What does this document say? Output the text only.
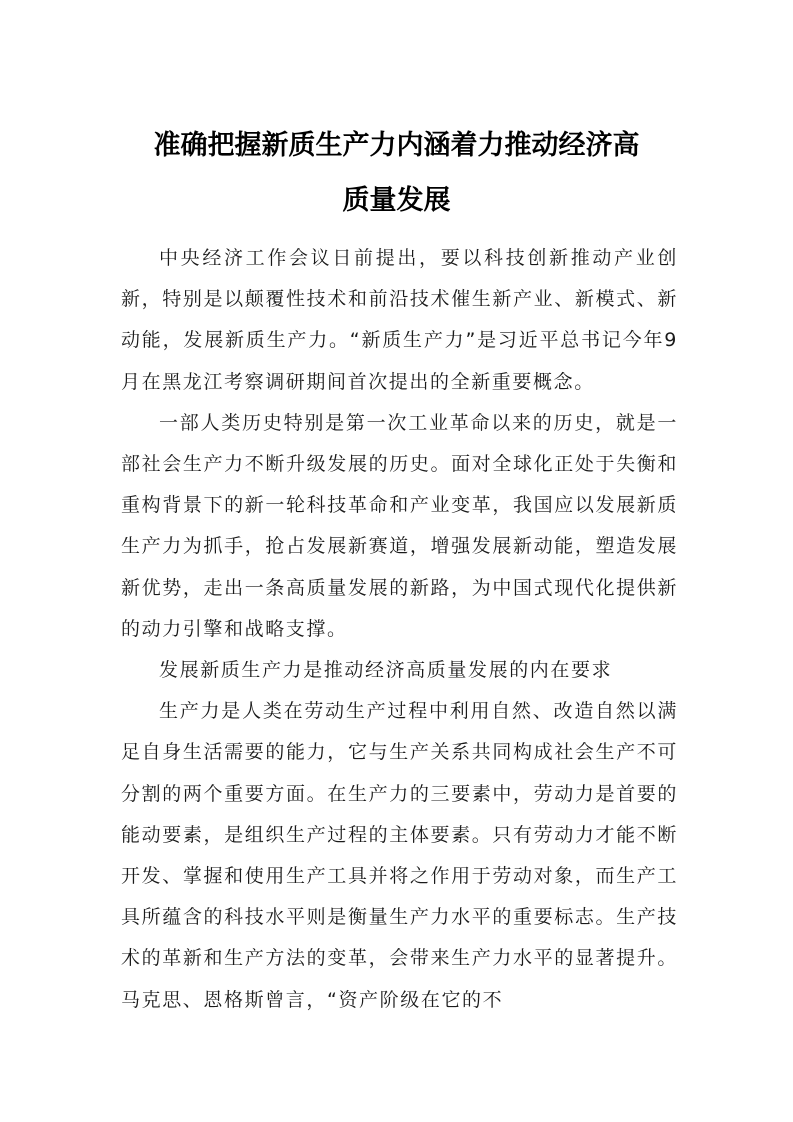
准确把握新质生产力内涵着力推动经济高
质量发展

中央经济工作会议日前提出，要以科技创新推动产业创新，特别是以颠覆性技术和前沿技术催生新产业、新模式、新动能，发展新质生产力。“新质生产力”是习近平总书记今年9月在黑龙江考察调研期间首次提出的全新重要概念。

一部人类历史特别是第一次工业革命以来的历史，就是一部社会生产力不断升级发展的历史。面对全球化正处于失衡和重构背景下的新一轮科技革命和产业变革，我国应以发展新质生产力为抓手，抢占发展新赛道，增强发展新动能，塑造发展新优势，走出一条高质量发展的新路，为中国式现代化提供新的动力引擎和战略支撑。

发展新质生产力是推动经济高质量发展的内在要求

生产力是人类在劳动生产过程中利用自然、改造自然以满足自身生活需要的能力，它与生产关系共同构成社会生产不可分割的两个重要方面。在生产力的三要素中，劳动力是首要的能动要素，是组织生产过程的主体要素。只有劳动力才能不断开发、掌握和使用生产工具并将之作用于劳动对象，而生产工具所蕴含的科技水平则是衡量生产力水平的重要标志。生产技术的革新和生产方法的变革，会带来生产力水平的显著提升。马克思、恩格斯曾言，“资产阶级在它的不
